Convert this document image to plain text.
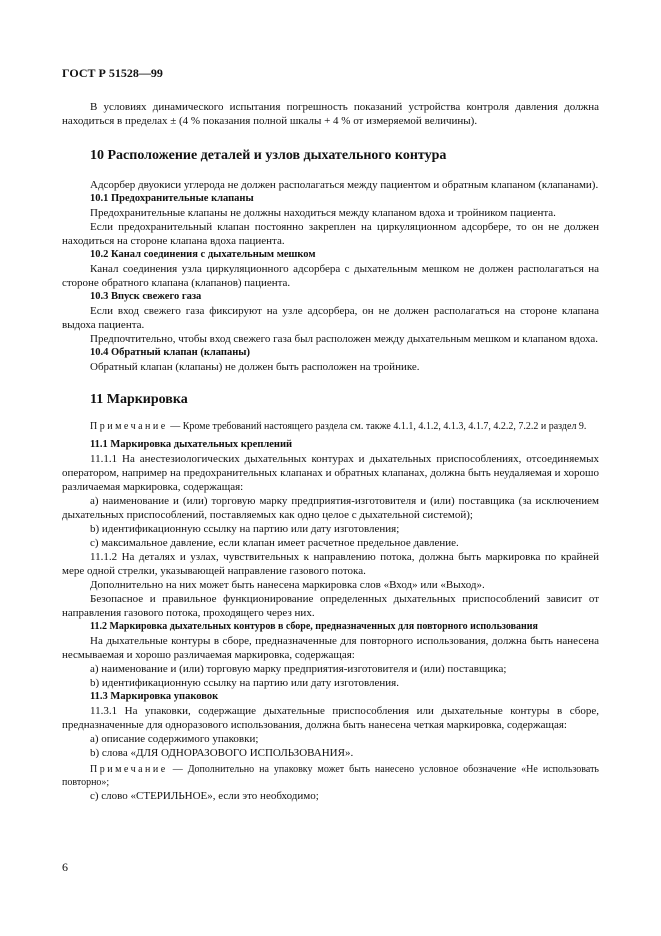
ГОСТ Р 51528—99

В условиях динамического испытания погрешность показаний устройства контроля давления должна находиться в пределах ± (4 % показания полной шкалы + 4 % от измеряемой величины).

10 Расположение деталей и узлов дыхательного контура

Адсорбер двуокиси углерода не должен располагаться между пациентом и обратным клапаном (клапанами).

10.1 Предохранительные клапаны

Предохранительные клапаны не должны находиться между клапаном вдоха и тройником пациента.

Если предохранительный клапан постоянно закреплен на циркуляционном адсорбере, то он не должен находиться на стороне клапана вдоха пациента.

10.2 Канал соединения с дыхательным мешком

Канал соединения узла циркуляционного адсорбера с дыхательным мешком не должен располагаться на стороне обратного клапана (клапанов) пациента.

10.3 Впуск свежего газа

Если вход свежего газа фиксируют на узле адсорбера, он не должен располагаться на стороне клапана выдоха пациента.

Предпочтительно, чтобы вход свежего газа был расположен между дыхательным мешком и клапаном вдоха.

10.4 Обратный клапан (клапаны)

Обратный клапан (клапаны) не должен быть расположен на тройнике.

11 Маркировка

Примечание — Кроме требований настоящего раздела см. также 4.1.1, 4.1.2, 4.1.3, 4.1.7, 4.2.2, 7.2.2 и раздел 9.

11.1 Маркировка дыхательных креплений

11.1.1 На анестезиологических дыхательных контурах и дыхательных приспособлениях, отсоединяемых оператором, например на предохранительных клапанах и обратных клапанах, должна быть неудаляемая и хорошо различаемая маркировка, содержащая:

а) наименование и (или) торговую марку предприятия-изготовителя и (или) поставщика (за исключением дыхательных приспособлений, поставляемых как одно целое с дыхательной системой);

b) идентификационную ссылку на партию или дату изготовления;

с) максимальное давление, если клапан имеет расчетное предельное давление.

11.1.2 На деталях и узлах, чувствительных к направлению потока, должна быть маркировка по крайней мере одной стрелки, указывающей направление газового потока.

Дополнительно на них может быть нанесена маркировка слов «Вход» или «Выход».

Безопасное и правильное функционирование определенных дыхательных приспособлений зависит от направления газового потока, проходящего через них.

11.2 Маркировка дыхательных контуров в сборе, предназначенных для повторного использования

На дыхательные контуры в сборе, предназначенные для повторного использования, должна быть нанесена несмываемая и хорошо различаемая маркировка, содержащая:

а) наименование и (или) торговую марку предприятия-изготовителя и (или) поставщика;

b) идентификационную ссылку на партию или дату изготовления.

11.3 Маркировка упаковок

11.3.1 На упаковки, содержащие дыхательные приспособления или дыхательные контуры в сборе, предназначенные для одноразового использования, должна быть нанесена четкая маркировка, содержащая:

а) описание содержимого упаковки;

b) слова «ДЛЯ ОДНОРАЗОВОГО ИСПОЛЬЗОВАНИЯ».

Примечание — Дополнительно на упаковку может быть нанесено условное обозначение «Не использовать повторно»;

с) слово «СТЕРИЛЬНОЕ», если это необходимо;

6
